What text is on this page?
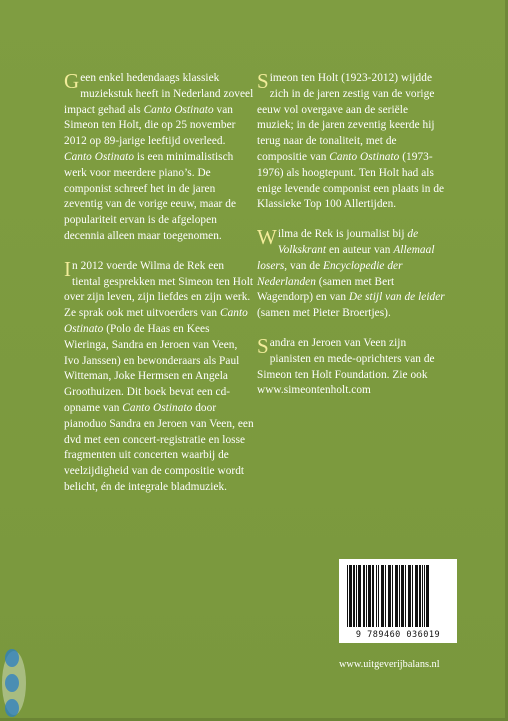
Geen enkel hedendaags klassiek muziekstuk heeft in Nederland zoveel impact gehad als Canto Ostinato van Simeon ten Holt, die op 25 november 2012 op 89-jarige leeftijd overleed. Canto Ostinato is een minimalistisch werk voor meerdere piano’s. De componist schreef het in de jaren zeventig van de vorige eeuw, maar de populariteit ervan is de afgelopen decennia alleen maar toegenomen.

In 2012 voerde Wilma de Rek een tiental gesprekken met Simeon ten Holt over zijn leven, zijn liefdes en zijn werk. Ze sprak ook met uitvoerders van Canto Ostinato (Polo de Haas en Kees Wieringa, Sandra en Jeroen van Veen, Ivo Janssen) en bewonderaars als Paul Witteman, Joke Hermsen en Angela Groothuizen. Dit boek bevat een cd-opname van Canto Ostinato door pianoduo Sandra en Jeroen van Veen, een dvd met een concert-registratie en losse fragmenten uit concerten waarbij de veelzijdigheid van de compositie wordt belicht, én de integrale bladmuziek.

Simeon ten Holt (1923-2012) wijdde zich in de jaren zestig van de vorige eeuw vol overgave aan de seriële muziek; in de jaren zeventig keerde hij terug naar de tonaliteit, met de compositie van Canto Ostinato (1973-1976) als hoogtepunt. Ten Holt had als enige levende componist een plaats in de Klassieke Top 100 Allertijden.

Wilma de Rek is journalist bij de Volkskrant en auteur van Allemaal losers, van de Encyclopedie der Nederlanden (samen met Bert Wagendorp) en van De stijl van de leider (samen met Pieter Broertjes).

Sandra en Jeroen van Veen zijn pianisten en mede-oprichters van de Simeon ten Holt Foundation. Zie ook www.simeontenholt.com

9 789460 036019
www.uitgeverijbalans.nl
